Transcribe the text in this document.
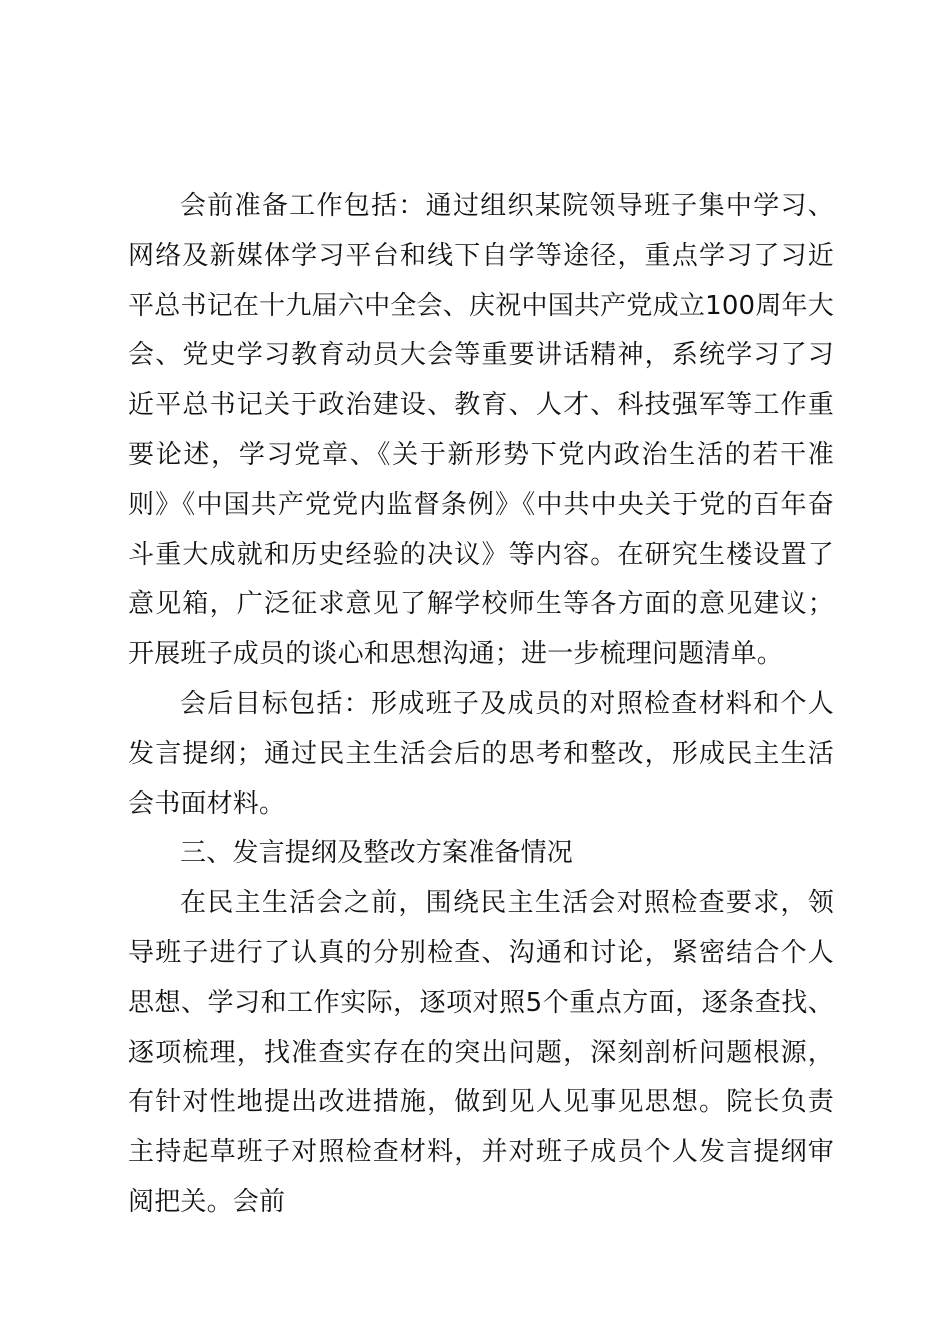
会前准备工作包括：通过组织某院领导班子集中学习、网络及新媒体学习平台和线下自学等途径，重点学习了习近平总书记在十九届六中全会、庆祝中国共产党成立100周年大会、党史学习教育动员大会等重要讲话精神，系统学习了习近平总书记关于政治建设、教育、人才、科技强军等工作重要论述，学习党章、《关于新形势下党内政治生活的若干准则》《中国共产党党内监督条例》《中共中央关于党的百年奋斗重大成就和历史经验的决议》等内容。在研究生楼设置了意见箱，广泛征求意见了解学校师生等各方面的意见建议；开展班子成员的谈心和思想沟通；进一步梳理问题清单。

会后目标包括：形成班子及成员的对照检查材料和个人发言提纲；通过民主生活会后的思考和整改，形成民主生活会书面材料。

三、发言提纲及整改方案准备情况

在民主生活会之前，围绕民主生活会对照检查要求，领导班子进行了认真的分别检查、沟通和讨论，紧密结合个人思想、学习和工作实际，逐项对照5个重点方面，逐条查找、逐项梳理，找准查实存在的突出问题，深刻剖析问题根源，有针对性地提出改进措施，做到见人见事见思想。院长负责主持起草班子对照检查材料，并对班子成员个人发言提纲审阅把关。会前
